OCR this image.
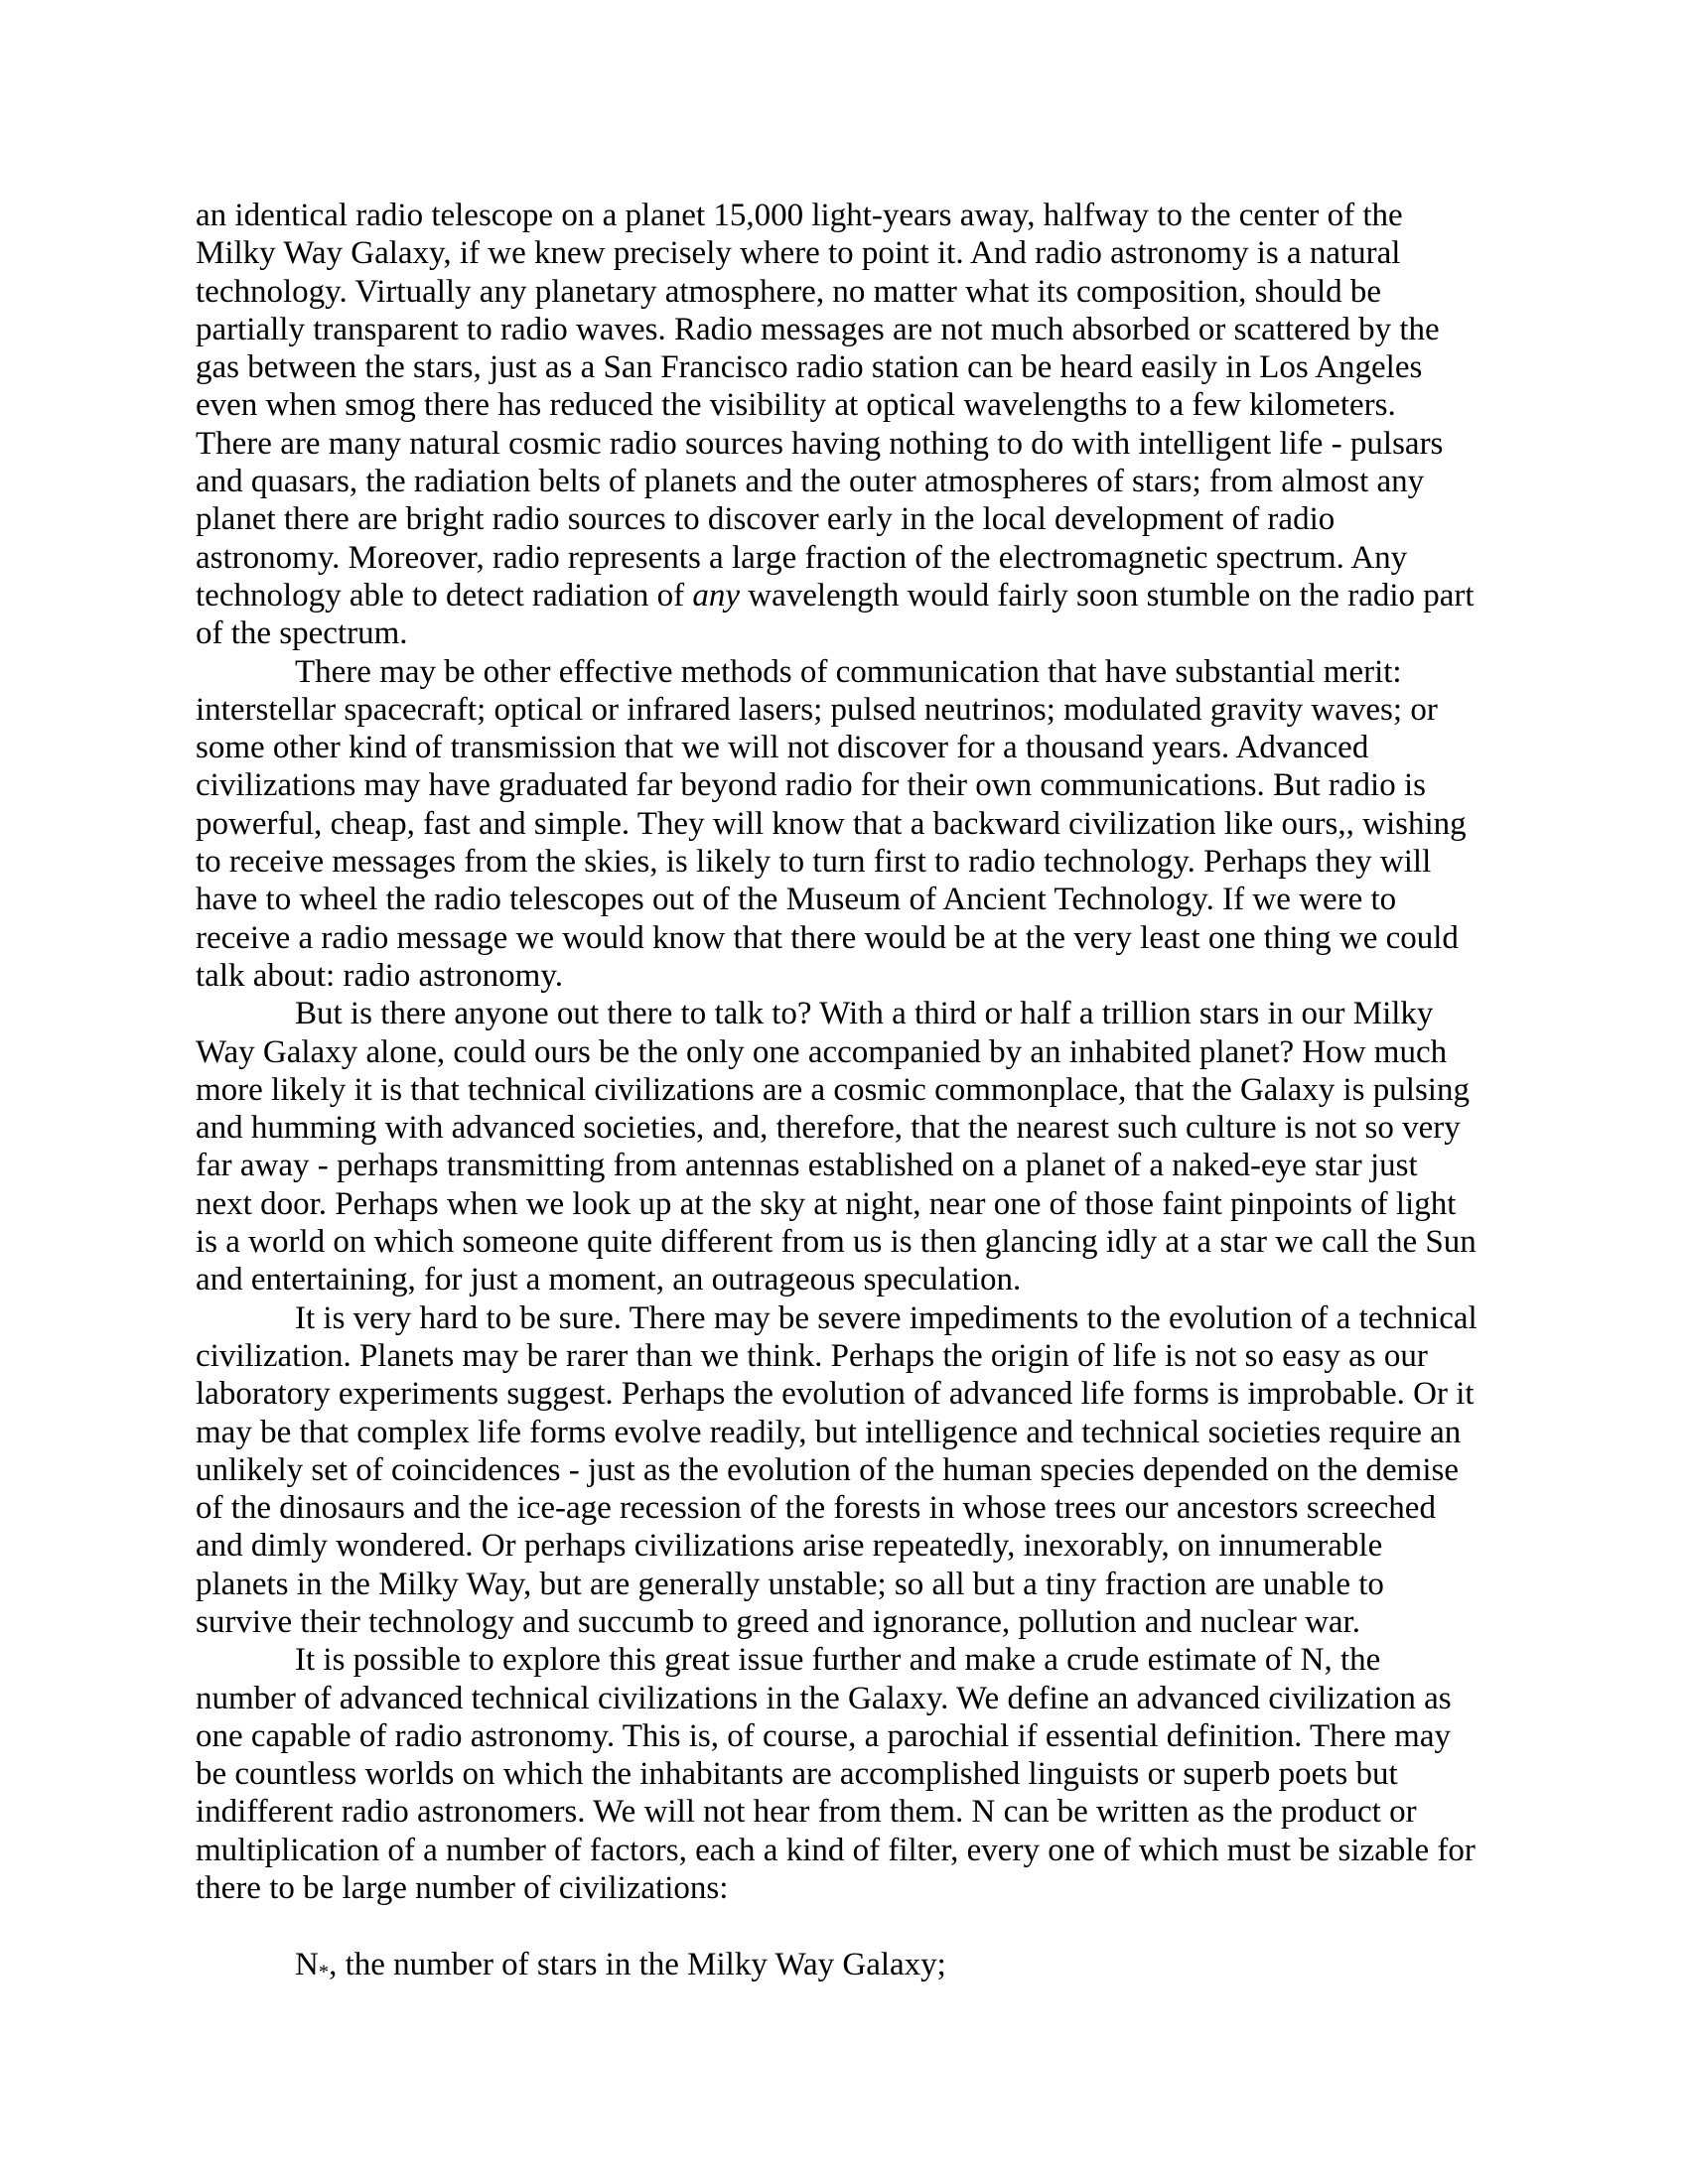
an identical radio telescope on a planet 15,000 light-years away, halfway to the center of the
Milky Way Galaxy, if we knew precisely where to point it. And radio astronomy is a natural
technology. Virtually any planetary atmosphere, no matter what its composition, should be
partially transparent to radio waves. Radio messages are not much absorbed or scattered by the
gas between the stars, just as a San Francisco radio station can be heard easily in Los Angeles
even when smog there has reduced the visibility at optical wavelengths to a few kilometers.
There are many natural cosmic radio sources having nothing to do with intelligent life - pulsars
and quasars, the radiation belts of planets and the outer atmospheres of stars; from almost any
planet there are bright radio sources to discover early in the local development of radio
astronomy. Moreover, radio represents a large fraction of the electromagnetic spectrum. Any
technology able to detect radiation of any wavelength would fairly soon stumble on the radio part
of the spectrum.
There may be other effective methods of communication that have substantial merit:
interstellar spacecraft; optical or infrared lasers; pulsed neutrinos; modulated gravity waves; or
some other kind of transmission that we will not discover for a thousand years. Advanced
civilizations may have graduated far beyond radio for their own communications. But radio is
powerful, cheap, fast and simple. They will know that a backward civilization like ours,, wishing
to receive messages from the skies, is likely to turn first to radio technology. Perhaps they will
have to wheel the radio telescopes out of the Museum of Ancient Technology. If we were to
receive a radio message we would know that there would be at the very least one thing we could
talk about: radio astronomy.
But is there anyone out there to talk to? With a third or half a trillion stars in our Milky
Way Galaxy alone, could ours be the only one accompanied by an inhabited planet? How much
more likely it is that technical civilizations are a cosmic commonplace, that the Galaxy is pulsing
and humming with advanced societies, and, therefore, that the nearest such culture is not so very
far away - perhaps transmitting from antennas established on a planet of a naked-eye star just
next door. Perhaps when we look up at the sky at night, near one of those faint pinpoints of light
is a world on which someone quite different from us is then glancing idly at a star we call the Sun
and entertaining, for just a moment, an outrageous speculation.
It is very hard to be sure. There may be severe impediments to the evolution of a technical
civilization. Planets may be rarer than we think. Perhaps the origin of life is not so easy as our
laboratory experiments suggest. Perhaps the evolution of advanced life forms is improbable. Or it
may be that complex life forms evolve readily, but intelligence and technical societies require an
unlikely set of coincidences - just as the evolution of the human species depended on the demise
of the dinosaurs and the ice-age recession of the forests in whose trees our ancestors screeched
and dimly wondered. Or perhaps civilizations arise repeatedly, inexorably, on innumerable
planets in the Milky Way, but are generally unstable; so all but a tiny fraction are unable to
survive their technology and succumb to greed and ignorance, pollution and nuclear war.
It is possible to explore this great issue further and make a crude estimate of N, the
number of advanced technical civilizations in the Galaxy. We define an advanced civilization as
one capable of radio astronomy. This is, of course, a parochial if essential definition. There may
be countless worlds on which the inhabitants are accomplished linguists or superb poets but
indifferent radio astronomers. We will not hear from them. N can be written as the product or
multiplication of a number of factors, each a kind of filter, every one of which must be sizable for
there to be large number of civilizations:
N*, the number of stars in the Milky Way Galaxy;
